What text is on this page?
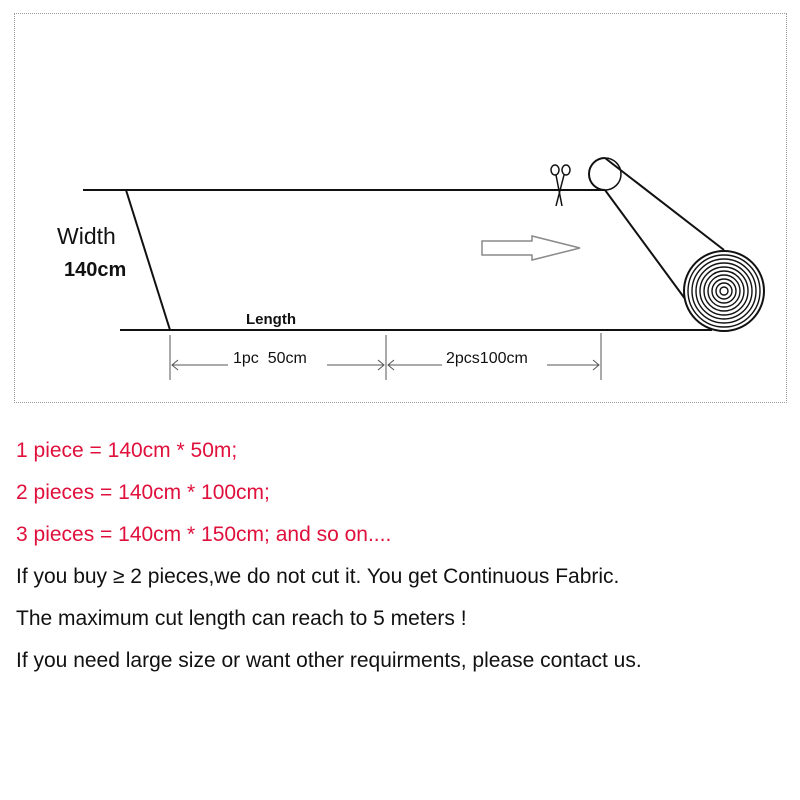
Width
140cm
Length
1pc  50cm	2pcs100cm
1 piece = 140cm * 50m;
2 pieces = 140cm * 100cm;
3 pieces = 140cm * 150cm; and so on....
If you buy ≥ 2 pieces,we do not cut it. You get Continuous Fabric.
The maximum cut length can reach to 5 meters !
If you need large size or want other requirments, please contact us.
